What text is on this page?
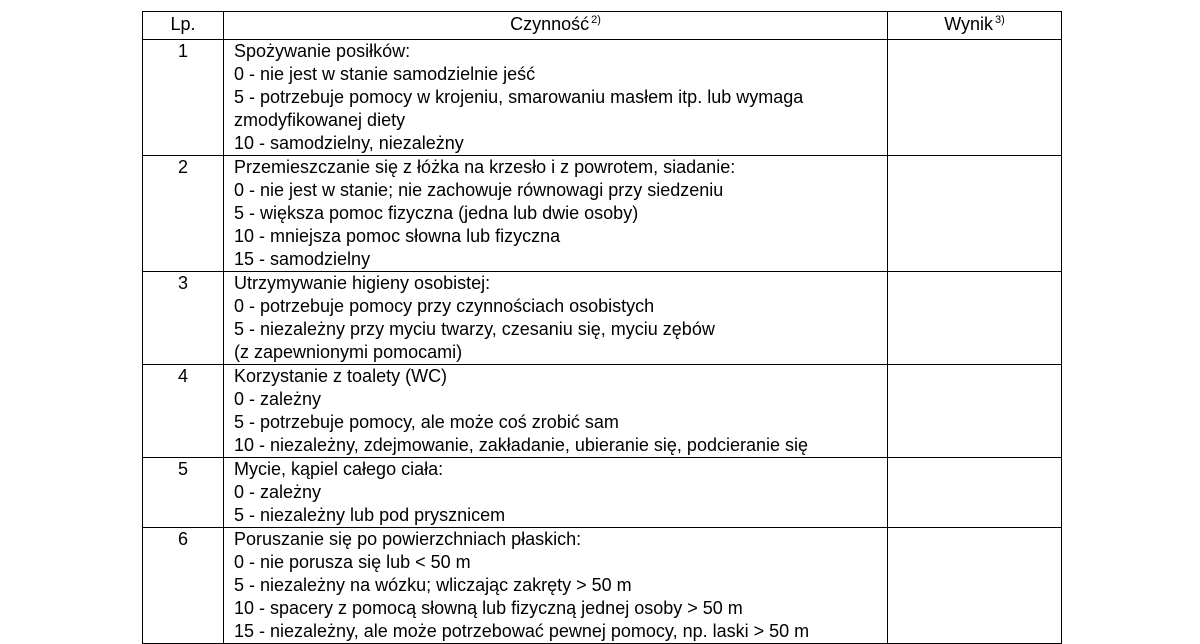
Lp.	Czynność $^{2)}$	Wynik $^{3)}$
1	Spożywanie posiłków:
0 - nie jest w stanie samodzielnie jeść
5 - potrzebuje pomocy w krojeniu, smarowaniu masłem itp. lub wymaga
zmodyfikowanej diety
10 - samodzielny, niezależny	

2	Przemieszczanie się z łóżka na krzesło i z powrotem, siadanie:
0 - nie jest w stanie; nie zachowuje równowagi przy siedzeniu
5 - większa pomoc fizyczna (jedna lub dwie osoby)
10 - mniejsza pomoc słowna lub fizyczna
15 - samodzielny	

3	Utrzymywanie higieny osobistej:
0 - potrzebuje pomocy przy czynnościach osobistych
5 - niezależny przy myciu twarzy, czesaniu się, myciu zębów
(z zapewnionymi pomocami)	

4	Korzystanie z toalety (WC)
0 - zależny
5 - potrzebuje pomocy, ale może coś zrobić sam
10 - niezależny, zdejmowanie, zakładanie, ubieranie się, podcieranie się	

5	Mycie, kąpiel całego ciała:
0 - zależny
5 - niezależny lub pod prysznicem	

6	Poruszanie się po powierzchniach płaskich:
0 - nie porusza się lub < 50 m
5 - niezależny na wózku; wliczając zakręty > 50 m
10 - spacery z pomocą słowną lub fizyczną jednej osoby > 50 m
15 - niezależny, ale może potrzebować pewnej pomocy, np. laski > 50 m	
